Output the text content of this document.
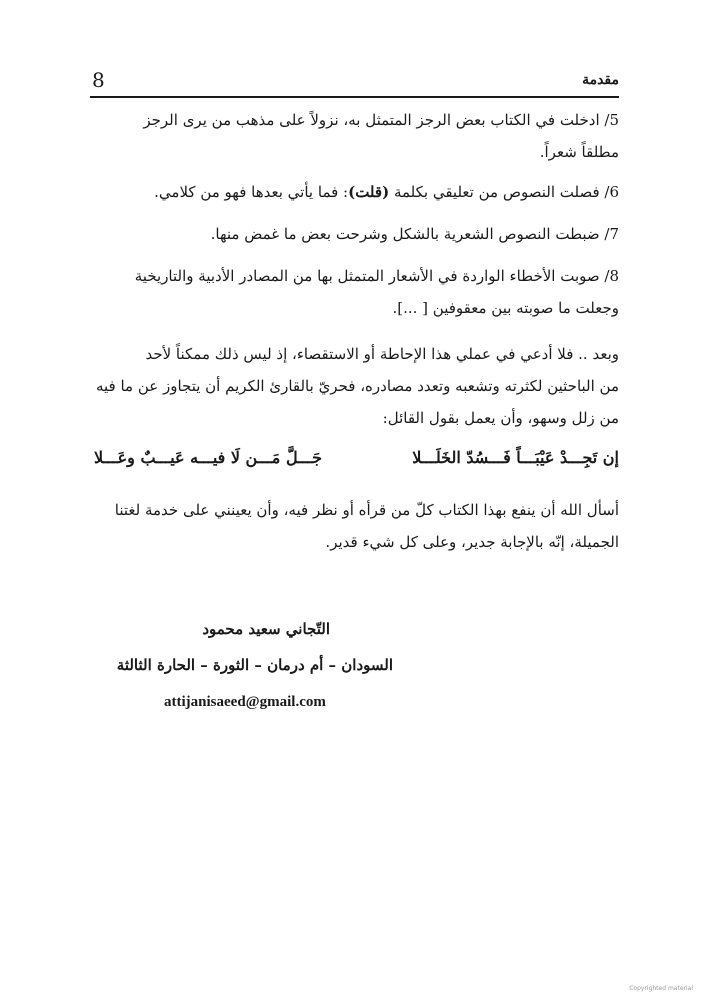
8	مقدمة
5/ ادخلت في الكتاب بعض الرجز المتمثل به، نزولاً على مذهب من يرى الرجز
مطلقاً شعراً.
6/ فصلت النصوص من تعليقي بكلمة (قلت): فما يأتي بعدها فهو من كلامي.
7/ ضبطت النصوص الشعرية بالشكل وشرحت بعض ما غمض منها.
8/ صوبت الأخطاء الواردة في الأشعار المتمثل بها من المصادر الأدبية والتاريخية
وجعلت ما صوبته بين معقوفين [ ...].
وبعد .. فلا أدعي في عملي هذا الإحاطة أو الاستقصاء، إذ ليس ذلك ممكناً لأحد
من الباحثين لكثرته وتشعبه وتعدد مصادره، فحريّ بالقارئ الكريم أن يتجاوز عن ما فيه
من زلل وسهو، وأن يعمل بقول القائل:
إن تَجِـــدْ عَيْبَـــاً فَـــسُدّ الخَلَـــلا
جَـــلَّ مَـــن لَا فيـــه عَيـــبٌ وعَـــلا
أسأل الله أن ينفع بهذا الكتاب كلّ من قرأه أو نظر فيه، وأن يعينني على خدمة لغتنا
الجميلة، إنّه بالإجابة جدير، وعلى كل شيء قدير.
التّجاني سعيد محمود
السودان – أم درمان – الثورة – الحارة الثالثة
attijanisaeed@gmail.com
Copyrighted material
